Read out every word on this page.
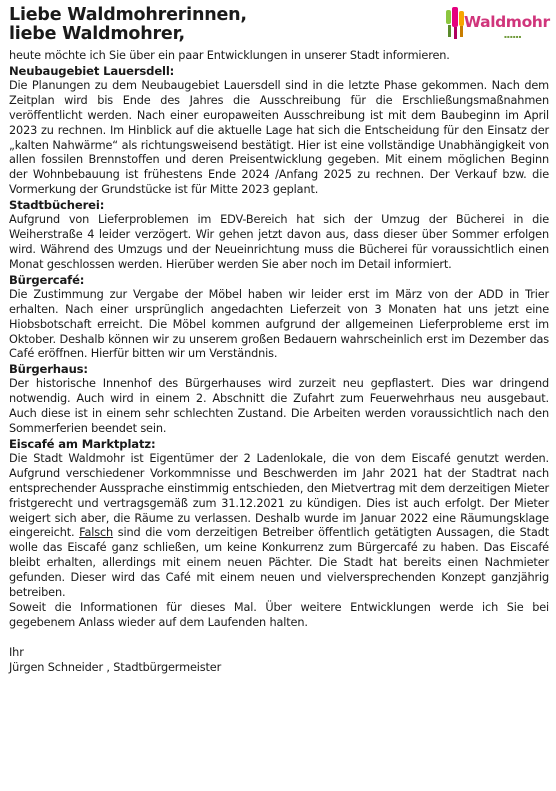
Liebe Waldmohrerinnen,
liebe Waldmohrer,
Waldmohr
▪▪▪▪▪▪

heute möchte ich Sie über ein paar Entwicklungen in unserer Stadt informieren.

Neubaugebiet Lauersdell:

Die Planungen zu dem Neubaugebiet Lauersdell sind in die letzte Phase gekommen. Nach dem Zeitplan wird bis Ende des Jahres die Ausschreibung für die Erschließungsmaßnahmen veröffentlicht werden. Nach einer europaweiten Ausschreibung ist mit dem Baubeginn im April 2023 zu rechnen. Im Hinblick auf die aktuelle Lage hat sich die Entscheidung für den Einsatz der „kalten Nahwärme“ als richtungsweisend bestätigt. Hier ist eine vollständige Unabhängigkeit von allen fossilen Brennstoffen und deren Preisentwicklung gegeben. Mit einem möglichen Beginn der Wohnbebauung ist frühestens Ende 2024 /Anfang 2025 zu rechnen. Der Verkauf bzw. die Vormerkung der Grundstücke ist für Mitte 2023 geplant.

Stadtbücherei:

Aufgrund von Lieferproblemen im EDV-Bereich hat sich der Umzug der Bücherei in die Weiherstraße 4 leider verzögert. Wir gehen jetzt davon aus, dass dieser über Sommer erfolgen wird. Während des Umzugs und der Neueinrichtung muss die Bücherei für voraussichtlich einen Monat geschlossen werden. Hierüber werden Sie aber noch im Detail informiert.

Bürgercafé:

Die Zustimmung zur Vergabe der Möbel haben wir leider erst im März von der ADD in Trier erhalten. Nach einer ursprünglich angedachten Lieferzeit von 3 Monaten hat uns jetzt eine Hiobsbotschaft erreicht. Die Möbel kommen aufgrund der allgemeinen Lieferprobleme erst im Oktober. Deshalb können wir zu unserem großen Bedauern wahrscheinlich erst im Dezember das Café eröffnen. Hierfür bitten wir um Verständnis.

Bürgerhaus:

Der historische Innenhof des Bürgerhauses wird zurzeit neu gepflastert. Dies war dringend notwendig. Auch wird in einem 2. Abschnitt die Zufahrt zum Feuerwehrhaus neu ausgebaut. Auch diese ist in einem sehr schlechten Zustand. Die Arbeiten werden voraussichtlich nach den Sommerferien beendet sein.

Eiscafé am Marktplatz:

Die Stadt Waldmohr ist Eigentümer der 2 Ladenlokale, die von dem Eiscafé genutzt werden. Aufgrund verschiedener Vorkommnisse und Beschwerden im Jahr 2021 hat der Stadtrat nach entsprechender Aussprache einstimmig entschieden, den Mietvertrag mit dem derzeitigen Mieter fristgerecht und vertragsgemäß zum 31.12.2021 zu kündigen. Dies ist auch erfolgt. Der Mieter weigert sich aber, die Räume zu verlassen. Deshalb wurde im Januar 2022 eine Räumungsklage eingereicht. Falsch sind die vom derzeitigen Betreiber öffentlich getätigten Aussagen, die Stadt wolle das Eiscafé ganz schließen, um keine Konkurrenz zum Bürgercafé zu haben. Das Eiscafé bleibt erhalten, allerdings mit einem neuen Pächter. Die Stadt hat bereits einen Nachmieter gefunden. Dieser wird das Café mit einem neuen und vielversprechenden Konzept ganzjährig betreiben.

Soweit die Informationen für dieses Mal. Über weitere Entwicklungen werde ich Sie bei gegebenem Anlass wieder auf dem Laufenden halten.

Ihr

Jürgen Schneider , Stadtbürgermeister
